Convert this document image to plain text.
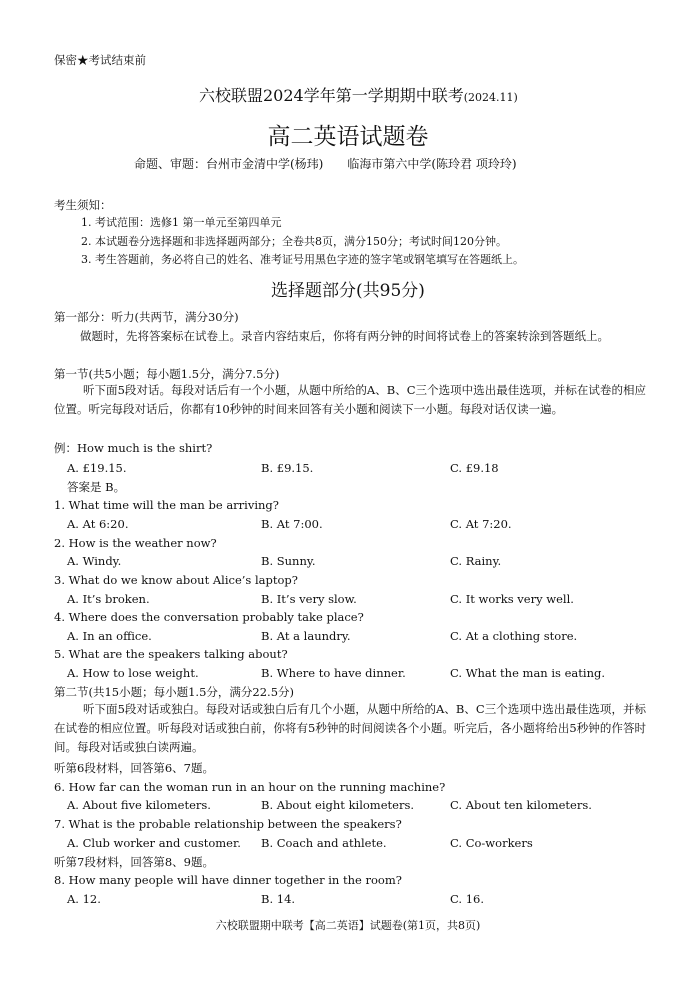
保密★考试结束前
六校联盟2024学年第一学期期中联考(2024.11)
高二英语试题卷
命题、审题：台州市金清中学(杨玮)　　临海市第六中学(陈玲君 项玲玲)
考生须知：
1. 考试范围：选修1 第一单元至第四单元
2. 本试题卷分选择题和非选择题两部分；全卷共8页，满分150分；考试时间120分钟。
3. 考生答题前，务必将自己的姓名、准考证号用黑色字迹的签字笔或钢笔填写在答题纸上。
选择题部分(共95分)
第一部分：听力(共两节，满分30分)
做题时，先将答案标在试卷上。录音内容结束后，你将有两分钟的时间将试卷上的答案转涂到答题纸上。
第一节(共5小题；每小题1.5分，满分7.5分)
听下面5段对话。每段对话后有一个小题，从题中所给的A、B、C三个选项中选出最佳选项，并标在试卷的相应位置。听完每段对话后，你都有10秒钟的时间来回答有关小题和阅读下一小题。每段对话仅读一遍。
例：How much is the shirt?
A. £19.15.	B. £9.15.	C. £9.18
答案是 B。
1. What time will the man be arriving?
A. At 6:20.	B. At 7:00.	C. At 7:20.
2. How is the weather now?
A. Windy.	B. Sunny.	C. Rainy.
3. What do we know about Alice’s laptop?
A. It’s broken.	B. It’s very slow.	C. It works very well.
4. Where does the conversation probably take place?
A. In an office.	B. At a laundry.	C. At a clothing store.
5. What are the speakers talking about?
A. How to lose weight.	B. Where to have dinner.	C. What the man is eating.
第二节(共15小题；每小题1.5分，满分22.5分)
听下面5段对话或独白。每段对话或独白后有几个小题，从题中所给的A、B、C三个选项中选出最佳选项，并标在试卷的相应位置。听每段对话或独白前，你将有5秒钟的时间阅读各个小题。听完后，各小题将给出5秒钟的作答时间。每段对话或独白读两遍。
听第6段材料，回答第6、7题。
6. How far can the woman run in an hour on the running machine?
A. About five kilometers.	B. About eight kilometers.	C. About ten kilometers.
7. What is the probable relationship between the speakers?
A. Club worker and customer. B. Coach and athlete.	C. Co-workers
听第7段材料，回答第8、9题。
8. How many people will have dinner together in the room?
A. 12.	B. 14.	C. 16.
六校联盟期中联考【高二英语】试题卷(第1页，共8页)
